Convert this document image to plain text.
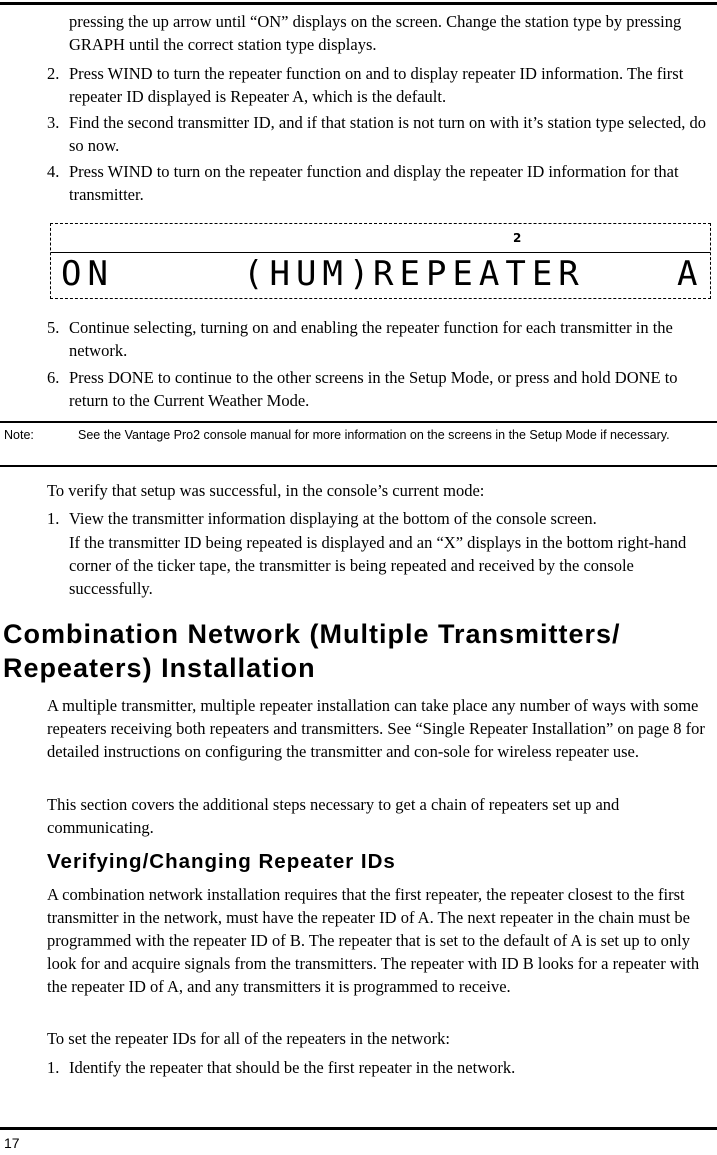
pressing the up arrow until “ON” displays on the screen. Change the station type by pressing GRAPH until the correct station type displays.

2. Press WIND to turn the repeater function on and to display repeater ID information. The first repeater ID displayed is Repeater A, which is the default.
3. Find the second transmitter ID, and if that station is not turn on with it’s station type selected, do so now.
4. Press WIND to turn on the repeater function and display the repeater ID information for that transmitter.
2
ON	(HUM)
REPEATER	A
5. Continue selecting, turning on and enabling the repeater function for each transmitter in the network.
6. Press DONE to continue to the other screens in the Setup Mode, or press and hold DONE to return to the Current Weather Mode.
Note:	See the Vantage Pro2 console manual for more information on the screens in the Setup Mode if necessary.

To verify that setup was successful, in the console’s current mode:

1. View the transmitter information displaying at the bottom of the console screen.

If the transmitter ID being repeated is displayed and an “X” displays in the bottom right-hand corner of the ticker tape, the transmitter is being repeated and received by the console successfully.

Combination Network (Multiple Transmitters/ Repeaters) Installation

A multiple transmitter, multiple repeater installation can take place any number of ways with some repeaters receiving both repeaters and transmitters. See “Single Repeater Installation” on page 8 for detailed instructions on configuring the transmitter and con-sole for wireless repeater use.

This section covers the additional steps necessary to get a chain of repeaters set up and communicating.

Verifying/Changing Repeater IDs

A combination network installation requires that the first repeater, the repeater closest to the first transmitter in the network, must have the repeater ID of A. The next repeater in the chain must be programmed with the repeater ID of B. The repeater that is set to the default of A is set up to only look for and acquire signals from the transmitters. The repeater with ID B looks for a repeater with the repeater ID of A, and any transmitters it is programmed to receive.

To set the repeater IDs for all of the repeaters in the network:

1. Identify the repeater that should be the first repeater in the network.
17
